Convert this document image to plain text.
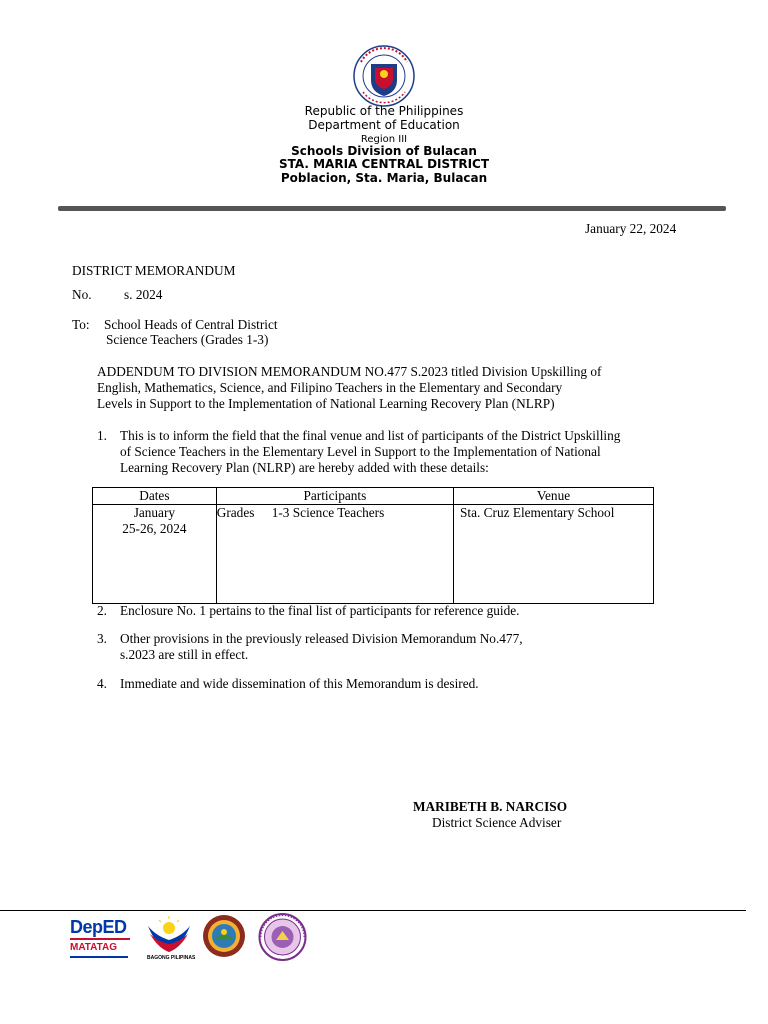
Republic of the Philippines
Department of Education
Region III
Schools Division of Bulacan
STA. MARIA CENTRAL DISTRICT
Poblacion, Sta. Maria, Bulacan
January 22, 2024
DISTRICT MEMORANDUM
No. s. 2024
To: School Heads of Central District
Science Teachers (Grades 1-3)
ADDENDUM TO DIVISION MEMORANDUM NO.477 S.2023 titled Division Upskilling of
English, Mathematics, Science, and Filipino Teachers in the Elementary and Secondary
Levels in Support to the Implementation of National Learning Recovery Plan (NLRP)
1. This is to inform the field that the final venue and list of participants of the District Upskilling
of Science Teachers in the Elementary Level in Support to the Implementation of National
Learning Recovery Plan (NLRP) are hereby added with these details:
Dates	Participants	Venue

January
25-26, 2024	Grades 1-3 Science Teachers	Sta. Cruz Elementary School
2. Enclosure No. 1 pertains to the final list of participants for reference guide.
3. Other provisions in the previously released Division Memorandum No.477,
s.2023 are still in effect.
4. Immediate and wide dissemination of this Memorandum is desired.
MARIBETH B. NARCISO
District Science Adviser
DepED
MATATAG
BAGONG PILIPINAS
